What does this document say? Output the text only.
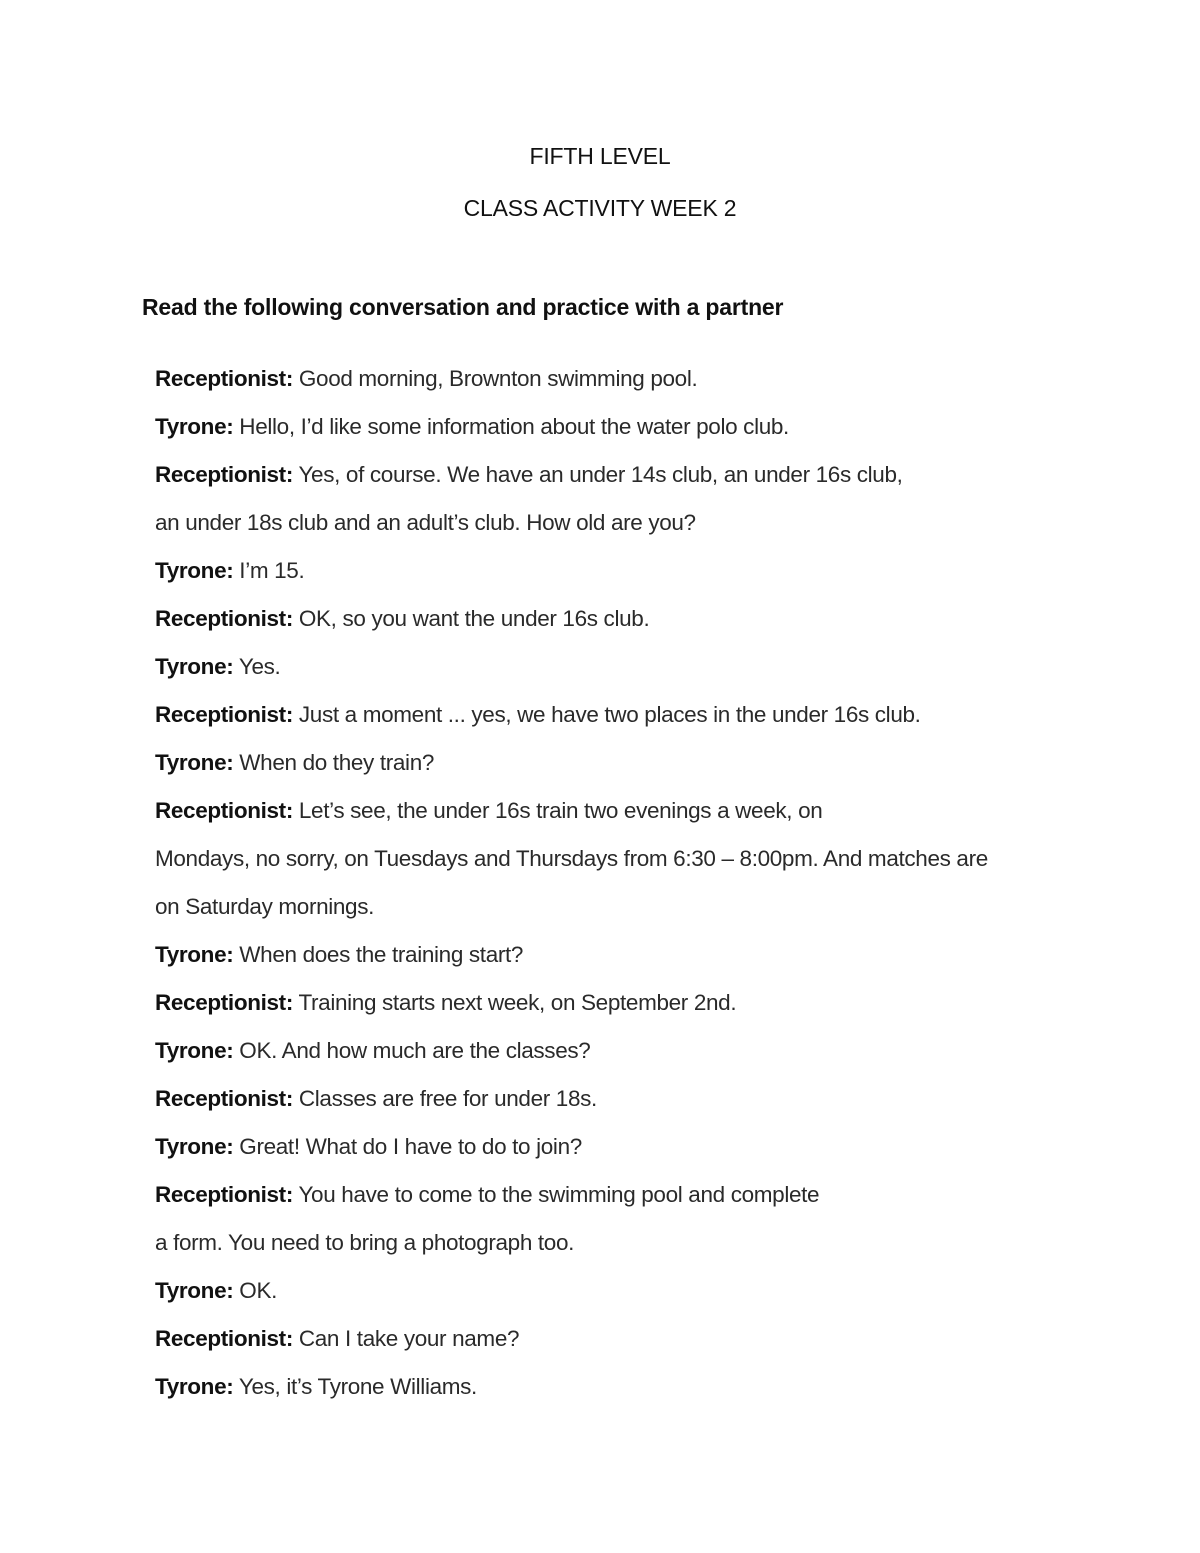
FIFTH LEVEL
CLASS ACTIVITY WEEK 2
Read the following conversation and practice with a partner
Receptionist: Good morning, Brownton swimming pool.
Tyrone: Hello, I’d like some information about the water polo club.
Receptionist: Yes, of course. We have an under 14s club, an under 16s club,
an under 18s club and an adult’s club. How old are you?
Tyrone: I’m 15.
Receptionist: OK, so you want the under 16s club.
Tyrone: Yes.
Receptionist: Just a moment ... yes, we have two places in the under 16s club.
Tyrone: When do they train?
Receptionist: Let’s see, the under 16s train two evenings a week, on
Mondays, no sorry, on Tuesdays and Thursdays from 6:30 – 8:00pm. And matches are
on Saturday mornings.
Tyrone: When does the training start?
Receptionist: Training starts next week, on September 2nd.
Tyrone: OK. And how much are the classes?
Receptionist: Classes are free for under 18s.
Tyrone: Great! What do I have to do to join?
Receptionist: You have to come to the swimming pool and complete
a form. You need to bring a photograph too.
Tyrone: OK.
Receptionist: Can I take your name?
Tyrone: Yes, it’s Tyrone Williams.
